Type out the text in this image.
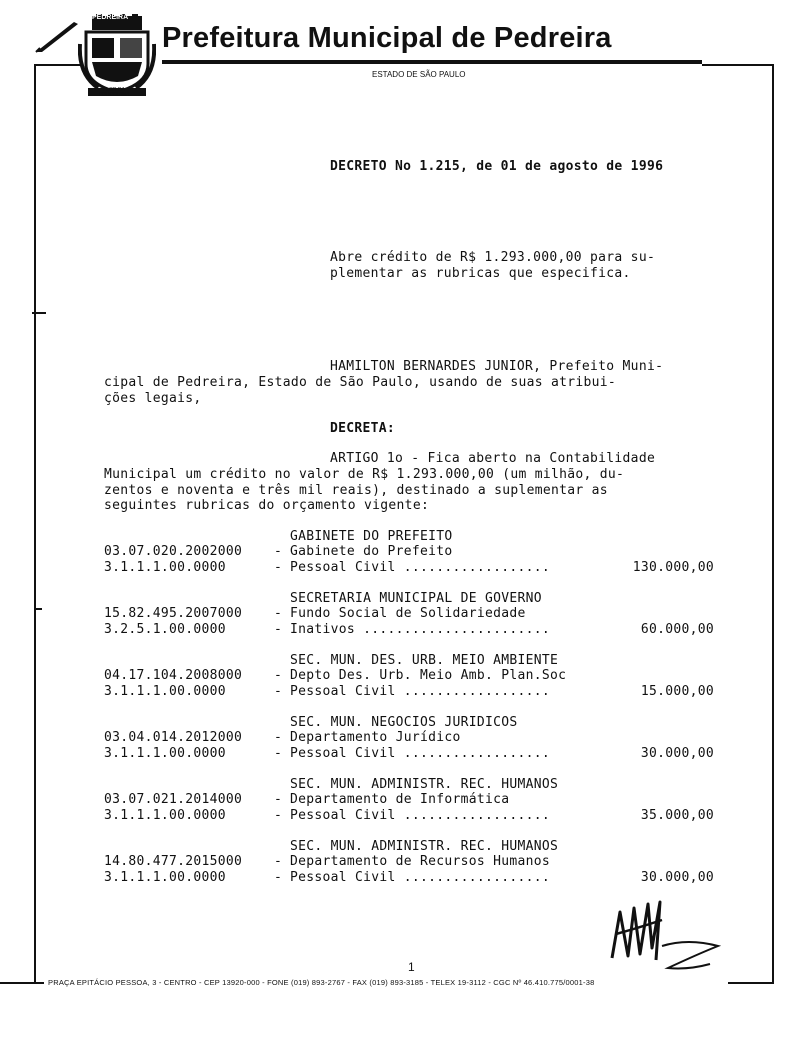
PEDREIRA
FLOR DA PORCELANA
Prefeitura Municipal de Pedreira
ESTADO DE SÃO PAULO
DECRETO No 1.215, de 01 de agosto de 1996
Abre crédito de R$ 1.293.000,00 para su-
plementar as rubricas que especifica.
HAMILTON BERNARDES JUNIOR, Prefeito Muni-
cipal de Pedreira, Estado de São Paulo, usando de suas atribui-
ções legais,
DECRETA:
ARTIGO 1o - Fica aberto na Contabilidade
Municipal um crédito no valor de R$ 1.293.000,00 (um milhão, du-
zentos e noventa e três mil reais), destinado a suplementar as
seguintes rubricas do orçamento vigente:
GABINETE DO PREFEITO
03.07.020.2002000 - Gabinete do Prefeito
3.1.1.1.00.0000	- Pessoal Civil ..................	130.000,00
SECRETARIA MUNICIPAL DE GOVERNO
15.82.495.2007000 - Fundo Social de Solidariedade
3.2.5.1.00.0000	- Inativos .......................	60.000,00
SEC. MUN. DES. URB. MEIO AMBIENTE
04.17.104.2008000 - Depto Des. Urb. Meio Amb. Plan.Soc
3.1.1.1.00.0000	- Pessoal Civil ..................	15.000,00
SEC. MUN. NEGOCIOS JURIDICOS
03.04.014.2012000 - Departamento Jurídico
3.1.1.1.00.0000	- Pessoal Civil ..................	30.000,00
SEC. MUN. ADMINISTR. REC. HUMANOS
03.07.021.2014000 - Departamento de Informática
3.1.1.1.00.0000	- Pessoal Civil ..................	35.000,00
SEC. MUN. ADMINISTR. REC. HUMANOS
14.80.477.2015000 - Departamento de Recursos Humanos
3.1.1.1.00.0000	- Pessoal Civil ..................	30.000,00
1
PRAÇA EPITÁCIO PESSOA, 3 - CENTRO - CEP 13920-000 - FONE (019) 893-2767 - FAX (019) 893-3185 - TELEX 19-3112 - CGC Nº 46.410.775/0001-38
